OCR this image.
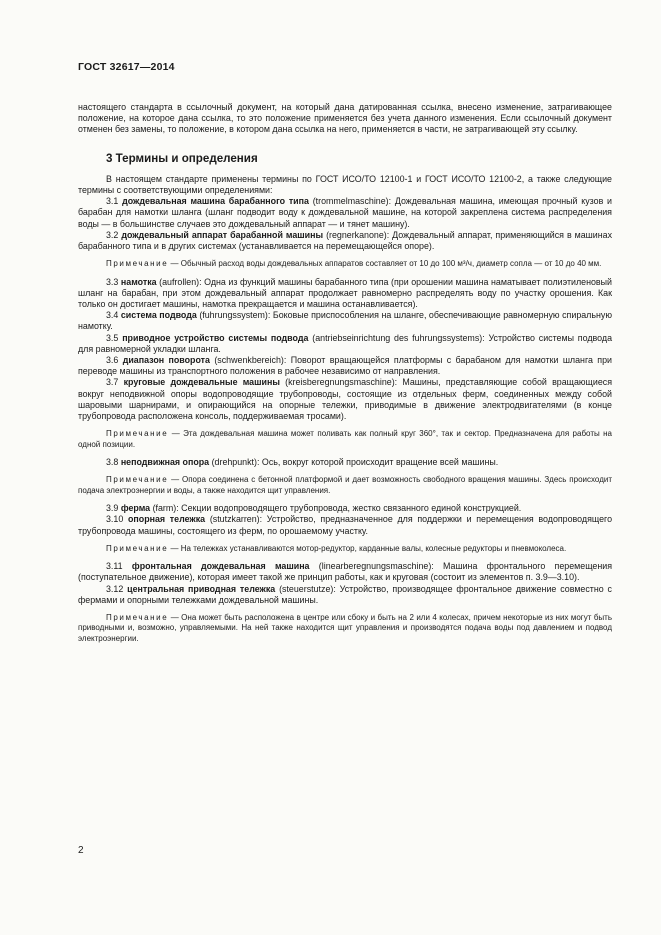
ГОСТ 32617—2014

настоящего стандарта в ссылочный документ, на который дана датированная ссылка, внесено изменение, затрагивающее положение, на которое дана ссылка, то это положение применяется без учета данного изменения. Если ссылочный документ отменен без замены, то положение, в котором дана ссылка на него, применяется в части, не затрагивающей эту ссылку.

3 Термины и определения

В настоящем стандарте применены термины по ГОСТ ИСО/ТО 12100-1 и ГОСТ ИСО/ТО 12100-2, а также следующие термины с соответствующими определениями:

3.1 дождевальная машина барабанного типа (trommelmaschine): Дождевальная машина, имеющая прочный кузов и барабан для намотки шланга (шланг подводит воду к дождевальной машине, на которой закреплена система распределения воды — в большинстве случаев это дождевальный аппарат — и тянет машину).

3.2 дождевальный аппарат барабанной машины (regnerkanone): Дождевальный аппарат, применяющийся в машинах барабанного типа и в других системах (устанавливается на перемещающейся опоре).

Примечание — Обычный расход воды дождевальных аппаратов составляет от 10 до 100 м³/ч, диаметр сопла — от 10 до 40 мм.

3.3 намотка (aufrollen): Одна из функций машины барабанного типа (при орошении машина наматывает полиэтиленовый шланг на барабан, при этом дождевальный аппарат продолжает равномерно распределять воду по участку орошения. Как только он достигает машины, намотка прекращается и машина останавливается).

3.4 система подвода (fuhrungssystem): Боковые приспособления на шланге, обеспечивающие равномерную спиральную намотку.

3.5 приводное устройство системы подвода (antriebseinrichtung des fuhrungssystems): Устройство системы подвода для равномерной укладки шланга.

3.6 диапазон поворота (schwenkbereich): Поворот вращающейся платформы с барабаном для намотки шланга при переводе машины из транспортного положения в рабочее независимо от направления.

3.7 круговые дождевальные машины (kreisberegnungsmaschine): Машины, представляющие собой вращающиеся вокруг неподвижной опоры водопроводящие трубопроводы, состоящие из отдельных ферм, соединенных между собой шаровыми шарнирами, и опирающийся на опорные тележки, приводимые в движение электродвигателями (в конце трубопровода расположена консоль, поддерживаемая тросами).

Примечание — Эта дождевальная машина может поливать как полный круг 360°, так и сектор. Предназначена для работы на одной позиции.

3.8 неподвижная опора (drehpunkt): Ось, вокруг которой происходит вращение всей машины.

Примечание — Опора соединена с бетонной платформой и дает возможность свободного вращения машины. Здесь происходит подача электроэнергии и воды, а также находится щит управления.

3.9 ферма (farm): Секции водопроводящего трубопровода, жестко связанного единой конструкцией.

3.10 опорная тележка (stutzkarren): Устройство, предназначенное для поддержки и перемещения водопроводящего трубопровода машины, состоящего из ферм, по орошаемому участку.

Примечание — На тележках устанавливаются мотор-редуктор, карданные валы, колесные редукторы и пневмоколеса.

3.11 фронтальная дождевальная машина (linearberegnungsmaschine): Машина фронтального перемещения (поступательное движение), которая имеет такой же принцип работы, как и круговая (состоит из элементов п. 3.9—3.10).

3.12 центральная приводная тележка (steuerstutze): Устройство, производящее фронтальное движение совместно с фермами и опорными тележками дождевальной машины.

Примечание — Она может быть расположена в центре или сбоку и быть на 2 или 4 колесах, причем некоторые из них могут быть приводными и, возможно, управляемыми. На ней также находится щит управления и производятся подача воды под давлением и подвод электроэнергии.

2
